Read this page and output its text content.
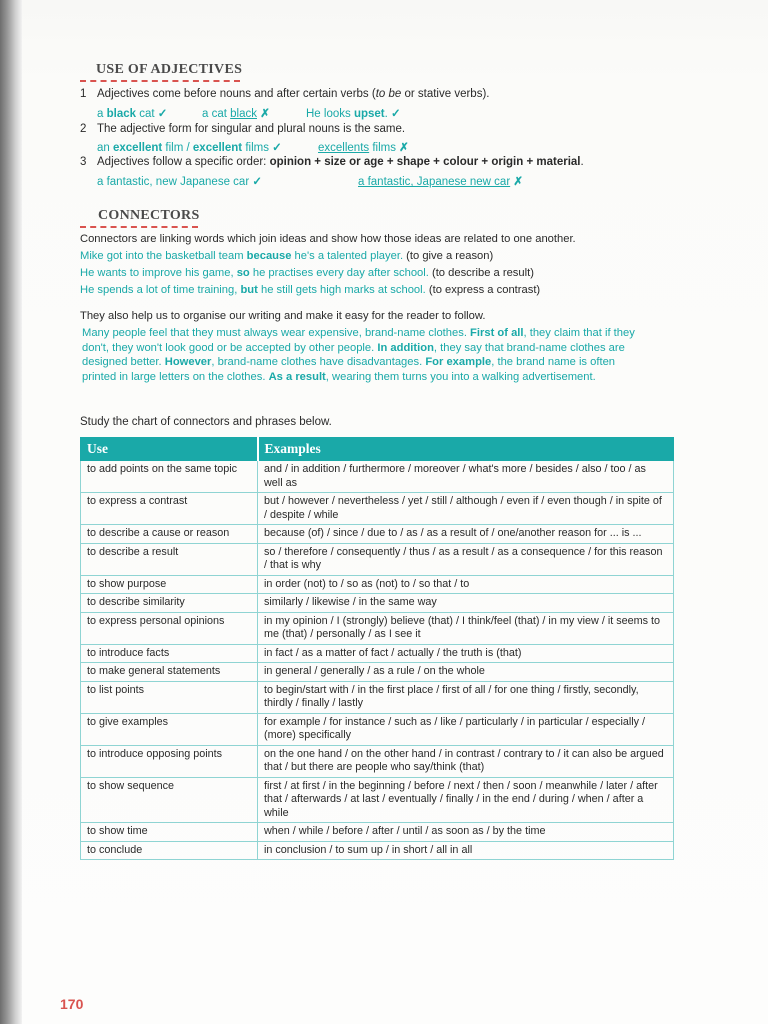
USE OF ADJECTIVES
1 Adjectives come before nouns and after certain verbs (to be or stative verbs).
a black cat ✓	a cat black ✗	He looks upset. ✓
2 The adjective form for singular and plural nouns is the same.
an excellent film / excellent films ✓	excellents films ✗
3 Adjectives follow a specific order: opinion + size or age + shape + colour + origin + material.
a fantastic, new Japanese car ✓	a fantastic, Japanese new car ✗
CONNECTORS
Connectors are linking words which join ideas and show how those ideas are related to one another.
Mike got into the basketball team because he's a talented player. (to give a reason)
He wants to improve his game, so he practises every day after school. (to describe a result)
He spends a lot of time training, but he still gets high marks at school. (to express a contrast)
They also help us to organise our writing and make it easy for the reader to follow.
Many people feel that they must always wear expensive, brand-name clothes. First of all, they claim that if they don't, they won't look good or be accepted by other people. In addition, they say that brand-name clothes are designed better. However, brand-name clothes have disadvantages. For example, the brand name is often printed in large letters on the clothes. As a result, wearing them turns you into a walking advertisement.
Study the chart of connectors and phrases below.
Use	Examples
to add points on the same topic	and / in addition / furthermore / moreover / what's more / besides / also / too / as well as
to express a contrast	but / however / nevertheless / yet / still / although / even if / even though / in spite of / despite / while
to describe a cause or reason	because (of) / since / due to / as / as a result of / one/another reason for ... is ...
to describe a result	so / therefore / consequently / thus / as a result / as a consequence / for this reason / that is why
to show purpose	in order (not) to / so as (not) to / so that / to
to describe similarity	similarly / likewise / in the same way
to express personal opinions	in my opinion / I (strongly) believe (that) / I think/feel (that) / in my view / it seems to me (that) / personally / as I see it
to introduce facts	in fact / as a matter of fact / actually / the truth is (that)
to make general statements	in general / generally / as a rule / on the whole
to list points	to begin/start with / in the first place / first of all / for one thing / firstly, secondly, thirdly / finally / lastly
to give examples	for example / for instance / such as / like / particularly / in particular / especially / (more) specifically
to introduce opposing points	on the one hand / on the other hand / in contrast / contrary to / it can also be argued that / but there are people who say/think (that)
to show sequence	first / at first / in the beginning / before / next / then / soon / meanwhile / later / after that / afterwards / at last / eventually / finally / in the end / during / when / after a while
to show time	when / while / before / after / until / as soon as / by the time
to conclude	in conclusion / to sum up / in short / all in all
170
